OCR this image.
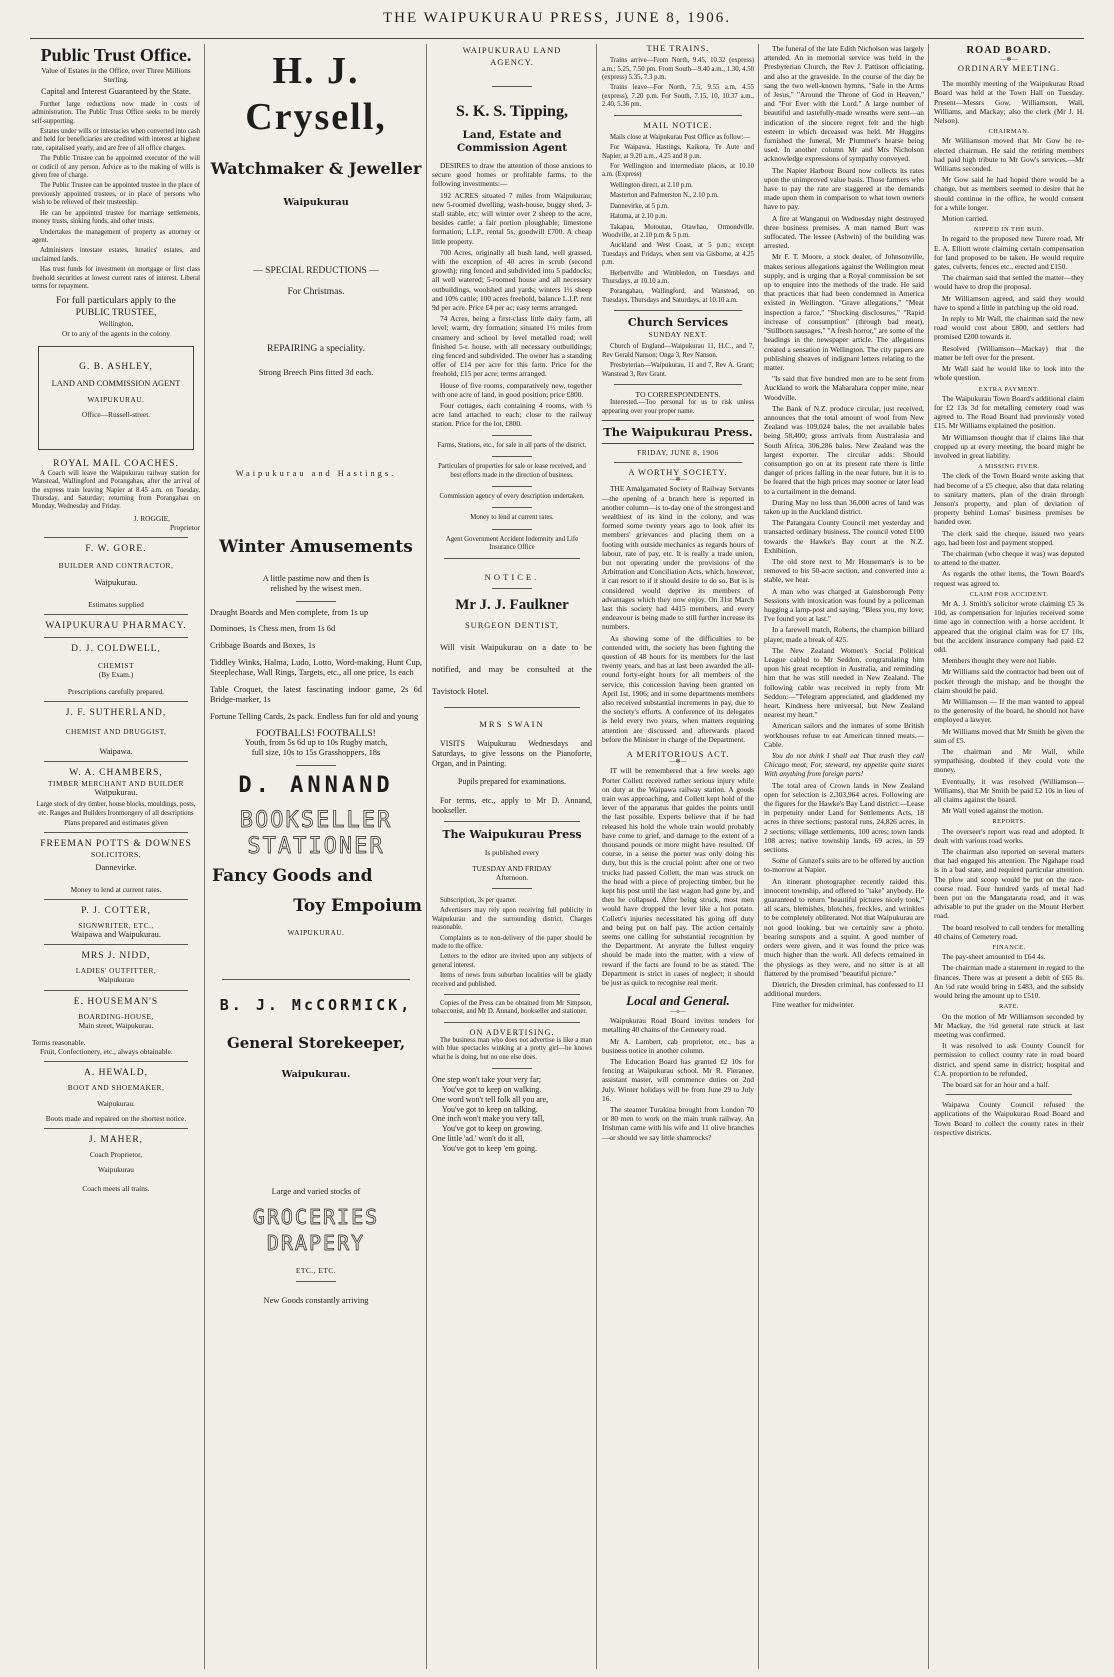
THE WAIPUKURAU PRESS, JUNE 8, 1906.
Public Trust Office.
Value of Estates in the Office, over Three Millions Sterling.
Capital and Interest Guaranteed by the State.

Further large reductions now made in costs of administration. The Public Trust Office seeks to be merely self-supporting.

Estates under wills or intestacies when converted into cash and held for beneficiaries are credited with interest at highest rate, capitalised yearly, and are free of all office charges.

The Public Trustee can be appointed executor of the will or codicil of any person. Advice as to the making of wills is given free of charge.

The Public Trustee can be appointed trustee in the place of previously appointed trustees, or in place of persons who wish to be relieved of their trusteeship.

He can be appointed trustee for marriage settlements, money trusts, sinking funds, and other trusts.

Undertakes the management of property as attorney or agent.

Administers intestate estates, lunatics' estates, and unclaimed lands.

Has trust funds for investment on mortgage or first class freehold securities at lowest current rates of interest. Liberal terms for repayment.

For full particulars apply to the
PUBLIC TRUSTEE,
Wellington,
Or to any of the agents in the colony
G. B. ASHLEY,
LAND AND COMMISSION AGENT
WAIPUKURAU.
Office—Russell-street.
ROYAL MAIL COACHES.

A Coach will leave the Waipukurau railway station for Wanstead, Wallingford and Porangahau, after the arrival of the express train leaving Napier at 8.45 a.m. on Tuesday, Thursday, and Saturday; returning from Porangahau on Monday, Wednesday and Friday.

J. ROGGIE,
Proprietor
F. W. GORE.
BUILDER AND CONTRACTOR,
Waipukurau.
Estimates supplied
WAIPUKURAU PHARMACY.
D. J. COLDWELL,
CHEMIST
(By Exam.)
Prescriptions carefully prepared.
J. F. SUTHERLAND,
CHEMIST AND DRUGGIST,
Waipawa.
W. A. CHAMBERS,
TIMBER MERCHANT AND BUILDER
Waipukurau.
Large stock of dry timber, house blocks, mouldings, posts, etc. Ranges and Builders Ironmongery of all descriptions
Plans prepared and estimates given
FREEMAN POTTS & DOWNES
SOLICITORS,
Dannevirke.
Money to lend at current rates.
P. J. COTTER,
SIGNWRITER, ETC.,
Waipawa and Waipukurau.
MRS J. NIDD,
LADIES' OUTFITTER,
Waipukurau
E. HOUSEMAN'S
BOARDING-HOUSE,
Main street, Waipukurau.
Terms reasonable.

Fruit, Confectionery, etc., always obtainable.

A. HEWALD,
BOOT AND SHOEMAKER,
Waipukurau.
Boots made and repaired on the shortest notice.
J. MAHER,
Coach Proprietor,
Waipukurau
Coach meets all trains.
H. J. Crysell,
Watchmaker & Jeweller
Waipukurau
— SPECIAL REDUCTIONS —
For Christmas.
REPAIRING a speciality.
Strong Breech Pins fitted 3d each.
Waipukurau and Hastings.
Winter Amusements
A little pastime now and then Is relished by the wisest men.

Draught Boards and Men complete, from 1s up

Dominoes, 1s Chess men, from 1s 6d

Cribbage Boards and Boxes, 1s

Tiddley Winks, Halma, Ludo, Lotto, Word-making, Hunt Cup, Steeplechase, Wall Rings, Targets, etc., all one price, 1s each

Table Croquet, the latest fascinating indoor game, 2s 6d Bridge-marker, 1s

Fortune Telling Cards, 2s pack. Endless fun for old and young

FOOTBALLS! FOOTBALLS!
Youth, from 5s 6d up to 10s Rugby match, full size, 10s to 15s Grasshoppers, 18s
D. ANNAND
BOOKSELLER
STATIONER
Fancy Goods and
Toy Empoium
WAIPUKURAU.
B. J. McCORMICK,
General Storekeeper,
Waipukurau.
Large and varied stocks of
GROCERIES
DRAPERY
ETC., ETC.
New Goods constantly arriving
WAIPUKURAU LAND AGENCY.
S. K. S. Tipping,
Land, Estate and Commission Agent

DESIRES to draw the attention of those anxious to secure good homes or profitable farms, to the following investments:—

192 ACRES situated 7 miles from Waipukurau; new 5-roomed dwelling, wash-house, buggy shed, 3-stall stable, etc; will winter over 2 sheep to the acre, besides cattle; a fair portion ploughable; limestone formation; L.I.P., rental 5s, goodwill £700. A cheap little property.

700 Acres, originally all bush land, well grassed, with the exception of 40 acres in scrub (second growth); ring fenced and subdivided into 5 paddocks; all well watered; 5-roomed house and all necessary outbuildings, woolshed and yards; winters 1½ sheep and 10% cattle; 100 acres freehold, balance L.I.P. rent 9d per acre. Price £4 per ac; easy terms arranged.

74 Acres, being a first-class little dairy farm, all level; warm, dry formation; situated 1½ miles from creamery and school by level metalled road; well finished 5-r. house, with all necessary outbuildings; ring fenced and subdivided. The owner has a standing offer of £14 per acre for this farm. Price for the freehold, £15 per acre; terms arranged.

House of five rooms, comparatively new, together with one acre of land, in good position; price £800.

Four cottages, each containing 4 rooms, with ½ acre land attached to each; close to the railway station. Price for the lot, £800.

Farms, Stations, etc., for sale in all parts of the district.
Particulars of properties for sale or lease received, and best efforts made in the direction of business.
Commission agency of every description undertaken.
Money to lend at current rates.
Agent Government Accident Indemnity and Life Insurance Office
NOTICE.
Mr J. J. Faulkner
SURGEON DENTIST,

Will visit Waipukurau on a date to be notified, and may be consulted at the Tavistock Hotel.

MRS SWAIN

VISITS Waipukurau Wednesdays and Saturdays, to give lessons on the Pianoforte, Organ, and in Painting.

Pupils prepared for examinations.

For terms, etc., apply to Mr D. Annand, bookseller.

The Waipukurau Press
Is published every
TUESDAY AND FRIDAY
Afternoon.

Subscription, 3s per quarter.

Advertisers may rely upon receiving full publicity in Waipukurau and the surrounding district. Charges reasonable.

Complaints as to non-delivery of the paper should be made to the office.

Letters to the editor are invited upon any subjects of general interest.

Items of news from suburban localities will be gladly received and published.

Copies of the Press can be obtained from Mr Simpson, tobacconist, and Mr D. Annand, bookseller and stationer.

ON ADVERTISING.

The business man who does not advertise is like a man with blue spectacles winking at a pretty girl—he knows what he is doing, but no one else does.

One step won't take your very far;
You've got to keep on walking.
One word won't tell folk all you are,
You've got to keep on talking.
One inch won't make you very tall,
You've got to keep on growing.
One little 'ad.' won't do it all,
You've got to keep 'em going.
THE TRAINS.

Trains arrive—From North, 9.45, 10.32 (express) a.m.; 5.25, 7.50 pm. From South—9.40 a.m., 1.30, 4.50 (express) 5.35, 7.3 p.m.

Trains leave—For North, 7.5, 9.55 a.m, 4.55 (express), 7.20 p.m. For South, 7.15, 10, 10.37 a.m., 2.40, 5.36 pm.

MAIL NOTICE.

Mails close at Waipukurau Post Office as follow:—

For Waipawa, Hastings, Kaikora, Te Aute and Napier, at 9.20 a.m., 4.25 and 8 p.m.

For Wellington and intermediate places, at 10.10 a.m. (Express)

Wellington direct, at 2.10 p.m.

Masterton and Palmerston N., 2.10 p.m.

Dannevirke, at 5 p.m.

Hatuma, at 2.10 p.m.

Takapau, Motoutau, Otawhao, Ormondville, Woodville, at 2.10 p.m & 5 p.m.

Auckland and West Coast, at 5 p.m.; except Tuesdays and Fridays, when sent via Gisborne, at 4.25 p.m.

Herbertville and Wimbledon, on Tuesdays and Thursdays, at 10.10 a.m.

Porangahau, Wallingford, and Wanstead, on Tuesdays, Thursdays and Saturdays, at 10.10 a.m.

Church Services
SUNDAY NEXT.

Church of England—Waipukurau 11, H.C., and 7, Rev Gerald Nanson; Onga 3, Rev Nanson.

Presbyterian—Waipukurau, 11 and 7, Rev A. Grant; Wanstead 3, Rev Grant.

TO CORRESPONDENTS.

Interested.—Too personal for us to risk unless appearing over your proper name.

The Waipukurau Press.
FRIDAY, JUNE 8, 1906
A WORTHY SOCIETY.
—✻—

THE Amalgamated Society of Railway Servants—the opening of a branch here is reported in another column—is to-day one of the strongest and wealthiest of its kind in the colony, and was formed some twenty years ago to look after its members' grievances and placing them on a footing with outside mechanics as regards hours of labour, rate of pay, etc. It is really a trade union, but not operating under the provisions of the Arbitration and Conciliation Acts, which, however, it can resort to if it should desire to do so. But is is considered would deprive its members of advantages which they now enjoy. On 31st March last this society had 4415 members, and every endeavour is being made to still further increase its numbers.

As showing some of the difficulties to be contended with, the society has been fighting the question of 48 hours for its members for the last twenty years, and has at last been awarded the all-round forty-eight hours for all members of the service, this concession having been granted on April 1st, 1906; and in some departments members also received substantial increments in pay, due to the society's efforts. A conference of its delegates is held every two years, when matters requiring attention are discussed and afterwards placed before the Minister in charge of the Department.

A MERITORIOUS ACT.
—✻—

IT will be remembered that a few weeks ago Porter Collett received rather serious injury while on duty at the Waipawa railway station. A goods train was approaching, and Collett kept hold of the lever of the apparatus that guides the points until the last possible. Experts believe that if he had released his hold the whole train would probably have come to grief, and damage to the extent of a thousand pounds or more might have resulted. Of course, in a sense the porter was only doing his duty, but this is the crucial point: after one or two trucks had passed Collett, the man was struck on the head with a piece of projecting timber, but he kept his post until the last wagon had gone by, and then he collapsed. After being struck, most men would have dropped the lever like a hot potato. Collett's injuries necessitated his going off duty and being put on half pay. The action certainly seems one calling for substantial recognition by the Department. At anyrate the fullest enquiry should be made into the matter, with a view of reward if the facts are found to be as stated. The Department is strict in cases of neglect; it should be just as quick to recognise real merit.

Local and General.
—o—

Waipukurau Road Board invites tenders for metalling 40 chains of the Cemetery road.

Mr A. Lambert, cab proprietor, etc., has a business notice in another column.

The Education Board has granted £2 10s for fencing at Waipukurau school. Mr R. Fleranee, assistant master, will commence duties on 2nd July. Winter holidays will be from June 29 to July 16.

The steamer Turakina brought from London 70 or 80 men to work on the main trunk railway. An Irishman came with his wife and 11 olive branches—or should we say little shamrocks?

The funeral of the late Edith Nicholson was largely attended. An in memorial service was held in the Presbyterian Church, the Rev J. Pattison officiating, and also at the graveside. In the course of the day he sang the two well-known hymns, "Safe in the Arms of Jesus," "Around the Throne of God in Heaven," and "For Ever with the Lord." A large number of beautiful and tastefully-made wreaths were sent—an indication of the sincere regret felt and the high esteem in which deceased was held. Mr Huggins furnished the funeral, Mr Plummer's hearse being used. In another column Mr and Mrs Nicholson acknowledge expressions of sympathy conveyed.

The Napier Harbour Board now collects its rates upon the unimproved value basis. Those farmers who have to pay the rate are staggered at the demands made upon them in comparison to what town owners have to pay.

A fire at Wanganui on Wednesday night destroyed three business premises. A man named Burt was suffocated. The lessee (Ashwin) of the building was arrested.

Mr F. T. Moore, a stock dealer, of Johnsonville, makes serious allegations against the Wellington meat supply, and is urging that a Royal commission be set up to enquire into the methods of the trade. He said that practices that had been condemned in America existed in Wellington. "Grave allegations," "Meat inspection a farce," "Shocking disclosures," "Rapid increase of consumption" (through bad meat), "Stillborn sausages," "A fresh horror," are some of the headings in the newspaper article. The allegations created a sensation in Wellington. The city papers are publishing sheaves of indignant letters relating to the matter.

"Is said that five hundred men are to be sent from Auckland to work the Maharahara copper mine, near Woodville.

The Bank of N.Z. produce circular, just received, announces that the total amount of wool from New Zealand was 109,024 bales, the net available bales being 58,400; gross arrivals from Australasia and South Africa, 306,286 bales. New Zealand was the largest exporter. The circular adds: Should consumption go on at its present rate there is little danger of prices falling in the near future, but it is to be feared that the high prices may sooner or later lead to a curtailment in the demand.

During May no less than 36,000 acres of land was taken up in the Auckland district.

The Patangata County Council met yesterday and transacted ordinary business. The council voted £100 towards the Hawke's Bay court at the N.Z. Exhibition.

The old store next to Mr Houseman's is to be removed to his 50-acre section, and converted into a stable, we hear.

A man who was charged at Gainsborough Petty Sessions with intoxication was found by a policeman hugging a lamp-post and saying, "Bless you, my love; I've found you at last."

In a farewell match, Roberts, the champion billiard player, made a break of 425.

The New Zealand Women's Social Political League cabled to Mr Seddon, congratulating him upon his great reception in Australia, and reminding him that he was still needed in New Zealand. The following cable was received in reply from Mr Seddon:—"Telegram appreciated, and gladdened my heart. Kindness here universal, but New Zealand nearest my heart."

American sailors and the inmates of some British workhouses refuse to eat American tinned meats.—Cable.

You do not think I shall eat That trash they call Chicago meat, For, steward, my appetite quite starts With anything from foreign parts!

The total area of Crown lands in New Zealand open for selection is 2,303,964 acres. Following are the figures for the Hawke's Bay Land district:—Lease in perpetuity under Land for Settlements Acts, 18 acres in three sections; pastoral runs, 24,826 acres, in 2 sections; village settlements, 100 acres; town lands 108 acres; native township lands, 69 acres, in 59 sections.

Some of Gunzel's suits are to be offered by auction to-morrow at Napier.

An itinerant photographer recently raided this innocent township, and offered to "take" anybody. He guaranteed to return "beautiful pictures nicely took," all scars, blemishes, blotches, freckles, and wrinkles to be completely obliterated. Not that Waipukurau are not good looking, but we certainly saw a photo. bearing sunspots and a squint. A good number of orders were given, and it was found the price was much higher than the work. All defects remained in the physiogs as they were, and no sitter is at all flattered by the promised "beautiful picture."

Dietrich, the Dresden criminal, has confessed to 11 additional murders.

Fine weather for midwinter.

ROAD BOARD.
—✻—
ORDINARY MEETING.

The monthly meeting of the Waipukurau Road Board was held at the Town Hall on Tuesday. Present—Messrs Gow, Williamson, Wall, Williams, and Mackay; also the clerk (Mr J. H. Nelson).

CHAIRMAN.

Mr Williamson moved that Mr Gow be re-elected chairman. He said the retiring members had paid high tribute to Mr Gow's services.—Mr Williams seconded.

Mr Gow said he had hoped there would be a change, but as members seemed to desire that he should continue in the office, he would consent for a while longer.

Motion carried.

NIPPED IN THE BUD.

In regard to the proposed new Turere road, Mr E. A. Elliott wrote claiming certain compensation for land proposed to be taken. He would require gates, culverts, fences etc., erected and £150.

The chairman said that settled the matter—they would have to drop the proposal.

Mr Williamson agreed, and said they would have to spend a little in patching up the old road.

In reply to Mr Wall, the chairman said the new road would cost about £800, and settlers had promised £200 towards it.

Resolved (Williamson—Mackay) that the matter be left over for the present.

Mr Wall said he would like to look into the whole question.

EXTRA PAYMENT.

The Waipukurau Town Board's additional claim for £2 13s 3d for metalling cemetery road was agreed to. The Road Board had previously voted £15. Mr Williams explained the position.

Mr Williamson thought that if claims like that cropped up at every meeting, the board might be involved in great liability.

A MISSING FIVER.

The clerk of the Town Board wrote asking that had become of a £5 cheque, also that data relating to sanitary matters, plan of the drain through Jenson's property, and plan of deviation of property behind Lomas' business premises be handed over.

The clerk said the cheque, issued two years ago, had been lost and payment stopped.

The chairman (who cheque it was) was deputed to attend to the matter.

As regards the other items, the Town Board's request was agreed to.

CLAIM FOR ACCIDENT.

Mr A. J. Smith's solicitor wrote claiming £5 3s 10d, as compensation for injuries received some time ago in connection with a horse accident. It appeared that the original claim was for £7 10s, but the accident insurance company had paid £2 odd.

Members thought they were not liable.

Mr Williams said the contractor had been out of pocket through the mishap, and he thought the claim should be paid.

Mr Williamson — If the man wanted to appeal to the generosity of the board, he should not have employed a lawyer.

Mr Williams moved that Mr Smith be given the sum of £5.

The chairman and Mr Wall, while sympathising, doubted if they could vote the money.

Eventually, it was resolved (Williamson—Williams), that Mr Smith be paid £2 10s in lieu of all claims against the board.

Mr Wall voted against the motion.

REPORTS.

The overseer's report was read and adopted. It dealt with various road works.

The chairman also reported on several matters that had engaged his attention. The Ngahape road is in a bad state, and required particular attention. The plow and scoop would be put on the race-course road. Four hundred yards of metal had been put on the Mangatarata road, and it was advisable to put the grader on the Mount Herbert road.

The board resolved to call tenders for metalling 40 chains of Cemetery road.

FINANCE.

The pay-sheet amounted to £64 4s.

The chairman made a statement in regard to the finances. There was at present a debit of £65 8s. An ½d rate would bring in £483, and the subsidy would bring the amount up to £510.

RATE.

On the motion of Mr Williamson seconded by Mr Mackay, the ½d general rate struck at last meeting was confirmed.

It was resolved to ask County Council for permission to collect county rate in road board district, and spend same in district; hospital and C.A. proportion to be refunded.

The board sat for an hour and a half.

Waipawa County Council refused the applications of the Waipukurau Road Board and Town Board to collect the county rates in their respective districts.
